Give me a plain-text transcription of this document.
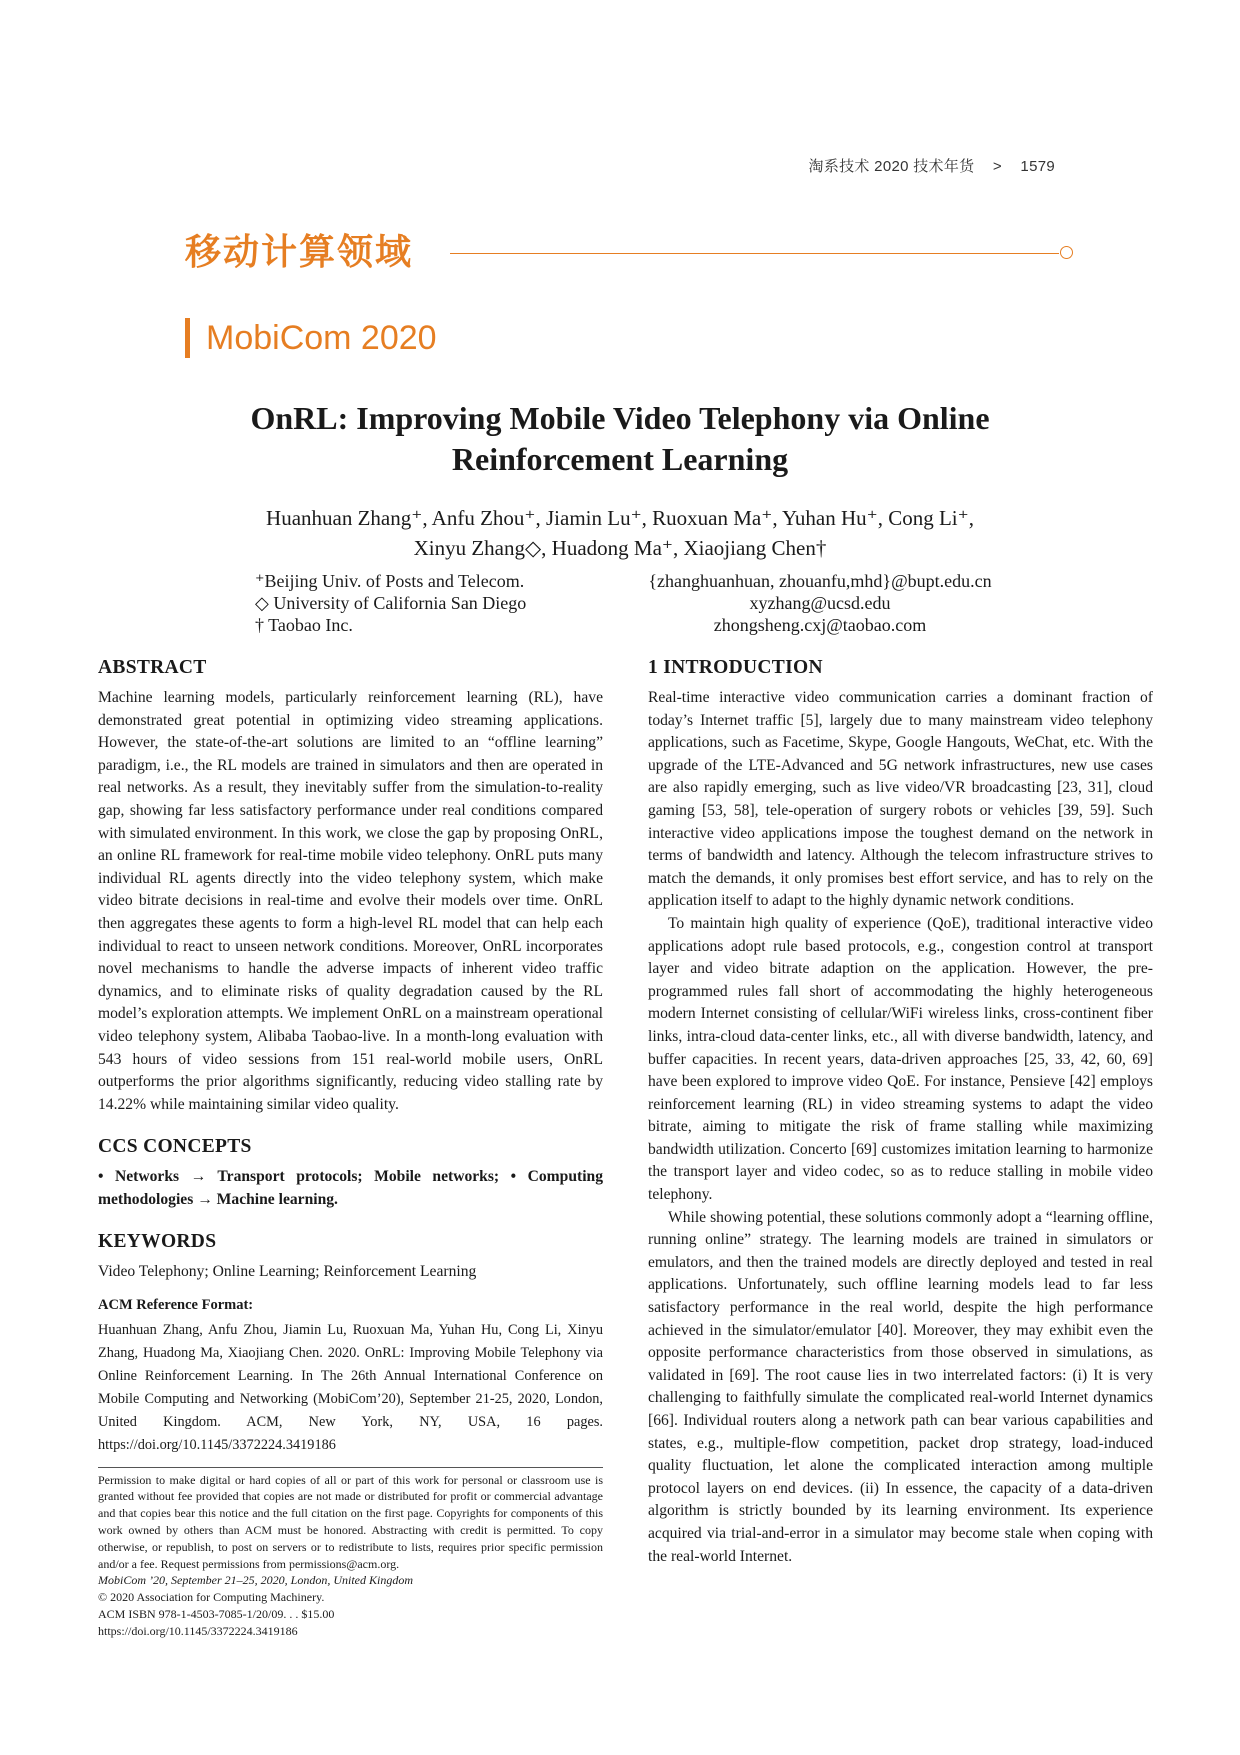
淘系技术 2020 技术年货 > 1579
移动计算领域
MobiCom 2020
OnRL: Improving Mobile Video Telephony via Online
Reinforcement Learning
Huanhuan Zhang⁺, Anfu Zhou⁺, Jiamin Lu⁺, Ruoxuan Ma⁺, Yuhan Hu⁺, Cong Li⁺,
Xinyu Zhang◇, Huadong Ma⁺, Xiaojiang Chen†
⁺Beijing Univ. of Posts and Telecom.	{zhanghuanhuan, zhouanfu,mhd}@bupt.edu.cn
◇ University of California San Diego	xyzhang@ucsd.edu
† Taobao Inc.	zhongsheng.cxj@taobao.com
ABSTRACT

Machine learning models, particularly reinforcement learning (RL), have demonstrated great potential in optimizing video streaming applications. However, the state-of-the-art solutions are limited to an “offline learning” paradigm, i.e., the RL models are trained in simulators and then are operated in real networks. As a result, they inevitably suffer from the simulation-to-reality gap, showing far less satisfactory performance under real conditions compared with simulated environment. In this work, we close the gap by proposing OnRL, an online RL framework for real-time mobile video telephony. OnRL puts many individual RL agents directly into the video telephony system, which make video bitrate decisions in real-time and evolve their models over time. OnRL then aggregates these agents to form a high-level RL model that can help each individual to react to unseen network conditions. Moreover, OnRL incorporates novel mechanisms to handle the adverse impacts of inherent video traffic dynamics, and to eliminate risks of quality degradation caused by the RL model’s exploration attempts. We implement OnRL on a mainstream operational video telephony system, Alibaba Taobao-live. In a month-long evaluation with 543 hours of video sessions from 151 real-world mobile users, OnRL outperforms the prior algorithms significantly, reducing video stalling rate by 14.22% while maintaining similar video quality.

CCS CONCEPTS

• Networks → Transport protocols; Mobile networks; • Computing methodologies → Machine learning.

KEYWORDS

Video Telephony; Online Learning; Reinforcement Learning

ACM Reference Format:

Huanhuan Zhang, Anfu Zhou, Jiamin Lu, Ruoxuan Ma, Yuhan Hu, Cong Li, Xinyu Zhang, Huadong Ma, Xiaojiang Chen. 2020. OnRL: Improving Mobile Telephony via Online Reinforcement Learning. In The 26th Annual International Conference on Mobile Computing and Networking (MobiCom’20), September 21-25, 2020, London, United Kingdom. ACM, New York, NY, USA, 16 pages. https://doi.org/10.1145/3372224.3419186

Permission to make digital or hard copies of all or part of this work for personal or classroom use is granted without fee provided that copies are not made or distributed for profit or commercial advantage and that copies bear this notice and the full citation on the first page. Copyrights for components of this work owned by others than ACM must be honored. Abstracting with credit is permitted. To copy otherwise, or republish, to post on servers or to redistribute to lists, requires prior specific permission and/or a fee. Request permissions from permissions@acm.org.
MobiCom ’20, September 21–25, 2020, London, United Kingdom
© 2020 Association for Computing Machinery.
ACM ISBN 978-1-4503-7085-1/20/09. . . $15.00
https://doi.org/10.1145/3372224.3419186
1 INTRODUCTION

Real-time interactive video communication carries a dominant fraction of today’s Internet traffic [5], largely due to many mainstream video telephony applications, such as Facetime, Skype, Google Hangouts, WeChat, etc. With the upgrade of the LTE-Advanced and 5G network infrastructures, new use cases are also rapidly emerging, such as live video/VR broadcasting [23, 31], cloud gaming [53, 58], tele-operation of surgery robots or vehicles [39, 59]. Such interactive video applications impose the toughest demand on the network in terms of bandwidth and latency. Although the telecom infrastructure strives to match the demands, it only promises best effort service, and has to rely on the application itself to adapt to the highly dynamic network conditions.

To maintain high quality of experience (QoE), traditional interactive video applications adopt rule based protocols, e.g., congestion control at transport layer and video bitrate adaption on the application. However, the pre-programmed rules fall short of accommodating the highly heterogeneous modern Internet consisting of cellular/WiFi wireless links, cross-continent fiber links, intra-cloud data-center links, etc., all with diverse bandwidth, latency, and buffer capacities. In recent years, data-driven approaches [25, 33, 42, 60, 69] have been explored to improve video QoE. For instance, Pensieve [42] employs reinforcement learning (RL) in video streaming systems to adapt the video bitrate, aiming to mitigate the risk of frame stalling while maximizing bandwidth utilization. Concerto [69] customizes imitation learning to harmonize the transport layer and video codec, so as to reduce stalling in mobile video telephony.

While showing potential, these solutions commonly adopt a “learning offline, running online” strategy. The learning models are trained in simulators or emulators, and then the trained models are directly deployed and tested in real applications. Unfortunately, such offline learning models lead to far less satisfactory performance in the real world, despite the high performance achieved in the simulator/emulator [40]. Moreover, they may exhibit even the opposite performance characteristics from those observed in simulations, as validated in [69]. The root cause lies in two interrelated factors: (i) It is very challenging to faithfully simulate the complicated real-world Internet dynamics [66]. Individual routers along a network path can bear various capabilities and states, e.g., multiple-flow competition, packet drop strategy, load-induced quality fluctuation, let alone the complicated interaction among multiple protocol layers on end devices. (ii) In essence, the capacity of a data-driven algorithm is strictly bounded by its learning environment. Its experience acquired via trial-and-error in a simulator may become stale when coping with the real-world Internet.
